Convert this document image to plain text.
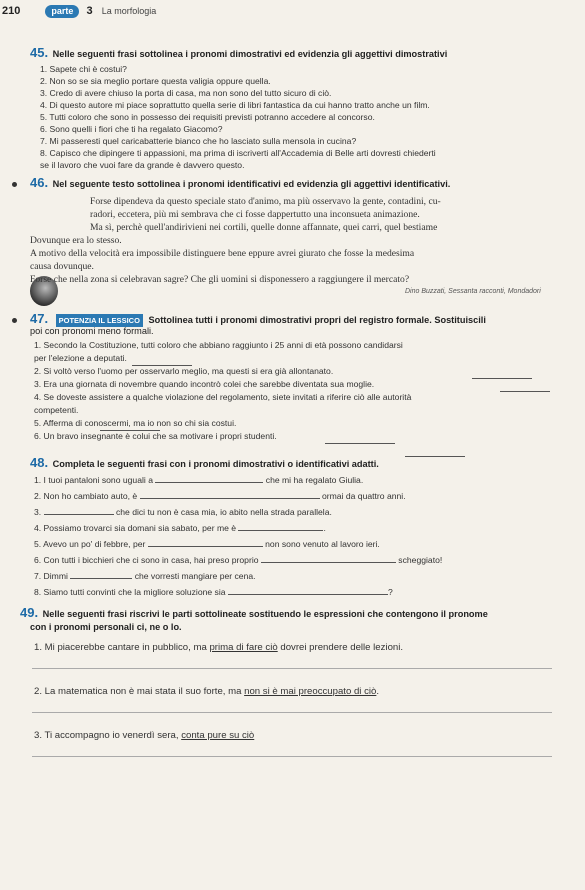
210	parte 3 La morfologia
45. Nelle seguenti frasi sottolinea i pronomi dimostrativi ed evidenzia gli aggettivi dimostrativi
1. Sapete chi è costui?
2. Non so se sia meglio portare questa valigia oppure quella.
3. Credo di avere chiuso la porta di casa, ma non sono del tutto sicuro di ciò.
4. Di questo autore mi piace soprattutto quella serie di libri fantastica da cui hanno tratto anche un film.
5. Tutti coloro che sono in possesso dei requisiti previsti potranno accedere al concorso.
6. Sono quelli i fiori che ti ha regalato Giacomo?
7. Mi passeresti quel caricabatterie bianco che ho lasciato sulla mensola in cucina?
8. Capisco che dipingere ti appassioni, ma prima di iscriverti all'Accademia di Belle arti dovresti chiederti
se il lavoro che vuoi fare da grande è davvero questo.
46. Nel seguente testo sottolinea i pronomi identificativi ed evidenzia gli aggettivi identificativi.
Forse dipendeva da questo speciale stato d'animo, ma più osservavo la gente, contadini, cu-
radori, eccetera, più mi sembrava che ci fosse dappertutto una inconsueta animazione.
Ma sì, perchè quell'andirivieni nei cortili, quelle donne affannate, quei carri, quel bestiame
Dovunque era lo stesso.
A motivo della velocità era impossibile distinguere bene eppure avrei giurato che fosse la medesima
causa dovunque.
Forse che nella zona si celebravan sagre? Che gli uomini si disponessero a raggiungere il mercato?
Dino Buzzati, Sessanta racconti, Mondadori
47. POTENZIA IL LESSICO Sottolinea tutti i pronomi dimostrativi propri del registro formale. Sostituiscili
poi con pronomi meno formali.
1. Secondo la Costituzione, tutti coloro che abbiano raggiunto i 25 anni di età possono candidarsi
per l'elezione a deputati.
2. Si voltò verso l'uomo per osservarlo meglio, ma questi si era già allontanato.
3. Era una giornata di novembre quando incontrò colei che sarebbe diventata sua moglie.
4. Se doveste assistere a qualche violazione del regolamento, siete invitati a riferire ciò alle autorità
competenti.
5. Afferma di conoscermi, ma io non so chi sia costui.
6. Un bravo insegnante è colui che sa motivare i propri studenti.
48. Completa le seguenti frasi con i pronomi dimostrativi o identificativi adatti.
1. I tuoi pantaloni sono uguali a	che mi ha regalato Giulia.
2. Non ho cambiato auto, è	ormai da quattro anni.
3.	che dici tu non è casa mia, io abito nella strada parallela.
4. Possiamo trovarci sia domani sia sabato, per me è	.
5. Avevo un po' di febbre, per	non sono venuto al lavoro ieri.
6. Con tutti i bicchieri che ci sono in casa, hai preso proprio	scheggiato!
7. Dimmi	che vorresti mangiare per cena.
8. Siamo tutti convinti che la migliore soluzione sia	?
49. Nelle seguenti frasi riscrivi le parti sottolineate sostituendo le espressioni che contengono il pronome
con i pronomi personali ci, ne o lo.
1. Mi piacerebbe cantare in pubblico, ma prima di fare ciò dovrei prendere delle lezioni.
2. La matematica non è mai stata il suo forte, ma non si è mai preoccupato di ciò.
3. Ti accompagno io venerdì sera, conta pure su ciò
